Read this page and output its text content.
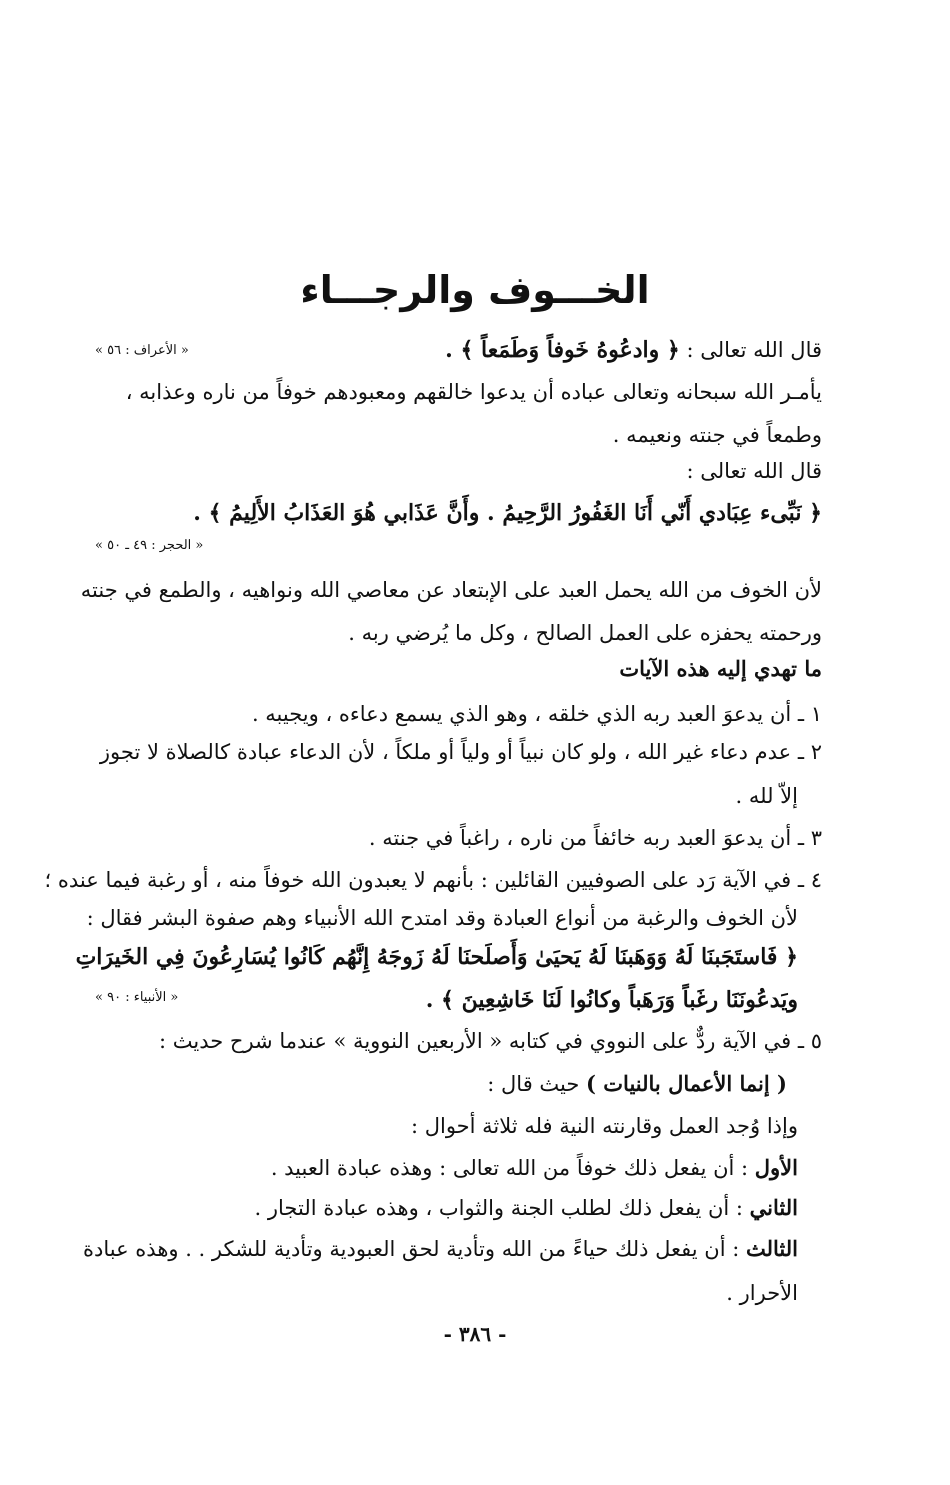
الخـــوف والرجـــاء

قال الله تعالى : ﴿ وادعُوهُ خَوفاً وَطَمَعاً ﴾ .

« الأعراف : ٥٦ »

يأمـر الله سبحانه وتعالى عباده أن يدعوا خالقهم ومعبودهم خوفاً من ناره وعذابه ،

وطمعاً في جنته ونعيمه .

قال الله تعالى :

﴿ نَبِّىء عِبَادي أَنّي أَنَا الغَفُورُ الرَّحِيمُ . وأَنَّ عَذَابي هُوَ العَذَابُ الأَلِيمُ ﴾ .

« الحجر : ٤٩ ـ ٥٠ »

لأن الخوف من الله يحمل العبد على الإبتعاد عن معاصي الله ونواهيه ، والطمع في جنته

ورحمته يحفزه على العمل الصالح ، وكل ما يُرضي ربه .

ما تهدي إليه هذه الآيات

١ ـ أن يدعوَ العبد ربه الذي خلقه ، وهو الذي يسمع دعاءه ، ويجيبه .

٢ ـ عدم دعاء غير الله ، ولو كان نبياً أو ولياً أو ملكاً ، لأن الدعاء عبادة كالصلاة لا تجوز

إلاّ لله .

٣ ـ أن يدعوَ العبد ربه خائفاً من ناره ، راغباً في جنته .

٤ ـ في الآية رَد على الصوفيين القائلين : بأنهم لا يعبدون الله خوفاً منه ، أو رغبة فيما عنده ؛

لأن الخوف والرغبة من أنواع العبادة وقد امتدح الله الأنبياء وهم صفوة البشر فقال :

﴿ فَاستَجَبنَا لَهُ وَوَهَبنَا لَهُ يَحيَىٰ وَأَصلَحنَا لَهُ زَوجَهُ إِنَّهُم كَانُوا يُسَارِعُونَ فِي الخَيرَاتِ

ويَدعُونَنَا رغَباً وَرَهَباً وكانُوا لَنَا خَاشِعِينَ ﴾ .

« الأنبياء : ٩٠ »

٥ ـ في الآية ردٌّ على النووي في كتابه « الأربعين النووية » عندما شرح حديث :

( إنما الأعمال بالنيات ) حيث قال :

وإذا وُجد العمل وقارنته النية فله ثلاثة أحوال :

الأول : أن يفعل ذلك خوفاً من الله تعالى : وهذه عبادة العبيد .

الثاني : أن يفعل ذلك لطلب الجنة والثواب ، وهذه عبادة التجار .

الثالث : أن يفعل ذلك حياءً من الله وتأدية لحق العبودية وتأدية للشكر . . وهذه عبادة

الأحرار .

- ٣٨٦ -
